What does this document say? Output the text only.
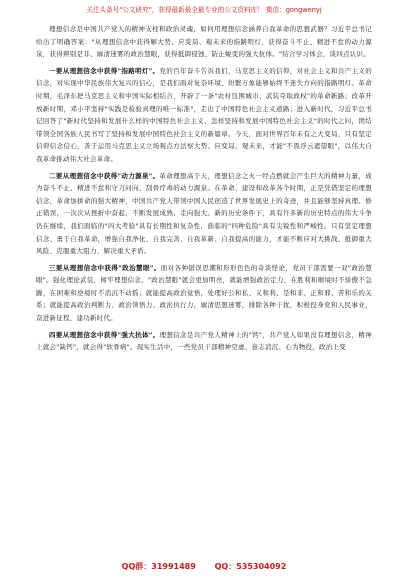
关注头条号"公文研究"，获得最新最全最专业的公文资料库！ 微信：gongwenyj

理想信念是中国共产党人的精神支柱和政治灵魂，如何用理想信念涵养自我革命的思想武器？习近平总书记给出了明确答案："从理想信念中获得解大势、应变局、观未来的指路明灯，获得奋斗不止、精进不怠的动力源泉，获得辨别是非、廓清迷雾的政治慧眼，获得抵御侵蚀、防止蜕变的强大抗体。"结合学习体会，谈四点认识。

一要从理想信念中获得"指路明灯"。党的百年奋斗告诉我们，马克思主义的信仰，对社会主义和共产主义的信念，对实现中华民族伟大复兴的信心，是我们面对复杂环境、纷繁万象能够始终不迷失方向的指路明灯。革命时期，毛泽东把马克思主义和中国实际相结合，开辟了一条"农村包围城市、武装夺取政权"的革命新路；改革开放新时期，邓小平坚持"实践是检验真理的唯一标准"，走出了中国特色社会主义道路；进入新时代，习近平总书记回答了"新时代坚持和发展什么样的中国特色社会主义、怎样坚持和发展中国特色社会主义"的时代之问，团结带领全国各族人民书写了坚持和发展中国特色社会主义的新篇章。今天，面对世界百年未有之大变局，只有坚定信仰信念信心，善于运用马克思主义立场观点方法察大势、应变局、观未来，才能"不畏浮云遮望眼"，以伟大自我革命推动伟大社会革命。

二要从理想信念中获得"动力源泉"。革命理想高于天，理想信念之火一经点燃就会产生巨大的精神力量，成为奋斗不止、精进不怠和守刀问向、刮骨疗毒的动力源泉。在革命、建设和改革各个时期，正是凭借坚定的理想信念，革命加拼命的强大精神，中国共产党人带领中国人民创造了世界发展史上的奇迹，并且能够坚持真理、修正错误，一次次从挫折中奋起，不断发展成熟、走向强大。新的历史条件下，具有许多新的历史特点的伟大斗争仍在继续，我们面临的"四大考验"具有长期性和复杂性，面临的"四种危险"具有尖锐性和严峻性。只有坚定理想信念、勇于自我革命，增强自我净化、自我完善、自我革新、自我提高的能力，才能不断应对大挑战、抵御重大风险、克服重大阻力、解决重大矛盾。

三要从理想信念中获得"政治慧眼"。面对各种错误思潮和形形色色的奇谈怪论，党员干部需要一双"政治慧眼"。强化理论武装，树牢理想信念，"政治慧眼"就会更加明亮，就能增强政治定力，在胜利和顺境时不骄傲不急躁，在困难和逆境时不消沉不动摇；就能提高政治觉悟，处理好公和私、义和利、是和非、正和邪、苦和乐的关系；就能提高政治判断力、政治领悟力、政治执行力，廓清思想迷雾，排除各种干扰，积极投身党和人民事业，奋进新征程，建功新时代。

四要从理想信念中获得"强大抗体"。理想信念是共产党人精神上的"钙"，共产党人如果没有理想信念，精神上就会"缺钙"，就会得"软骨病"。现实生活中，一些党员干部精神空虚、意志消沉、心为物役，政治上变

QQ群：31991489 QQ：535304092
